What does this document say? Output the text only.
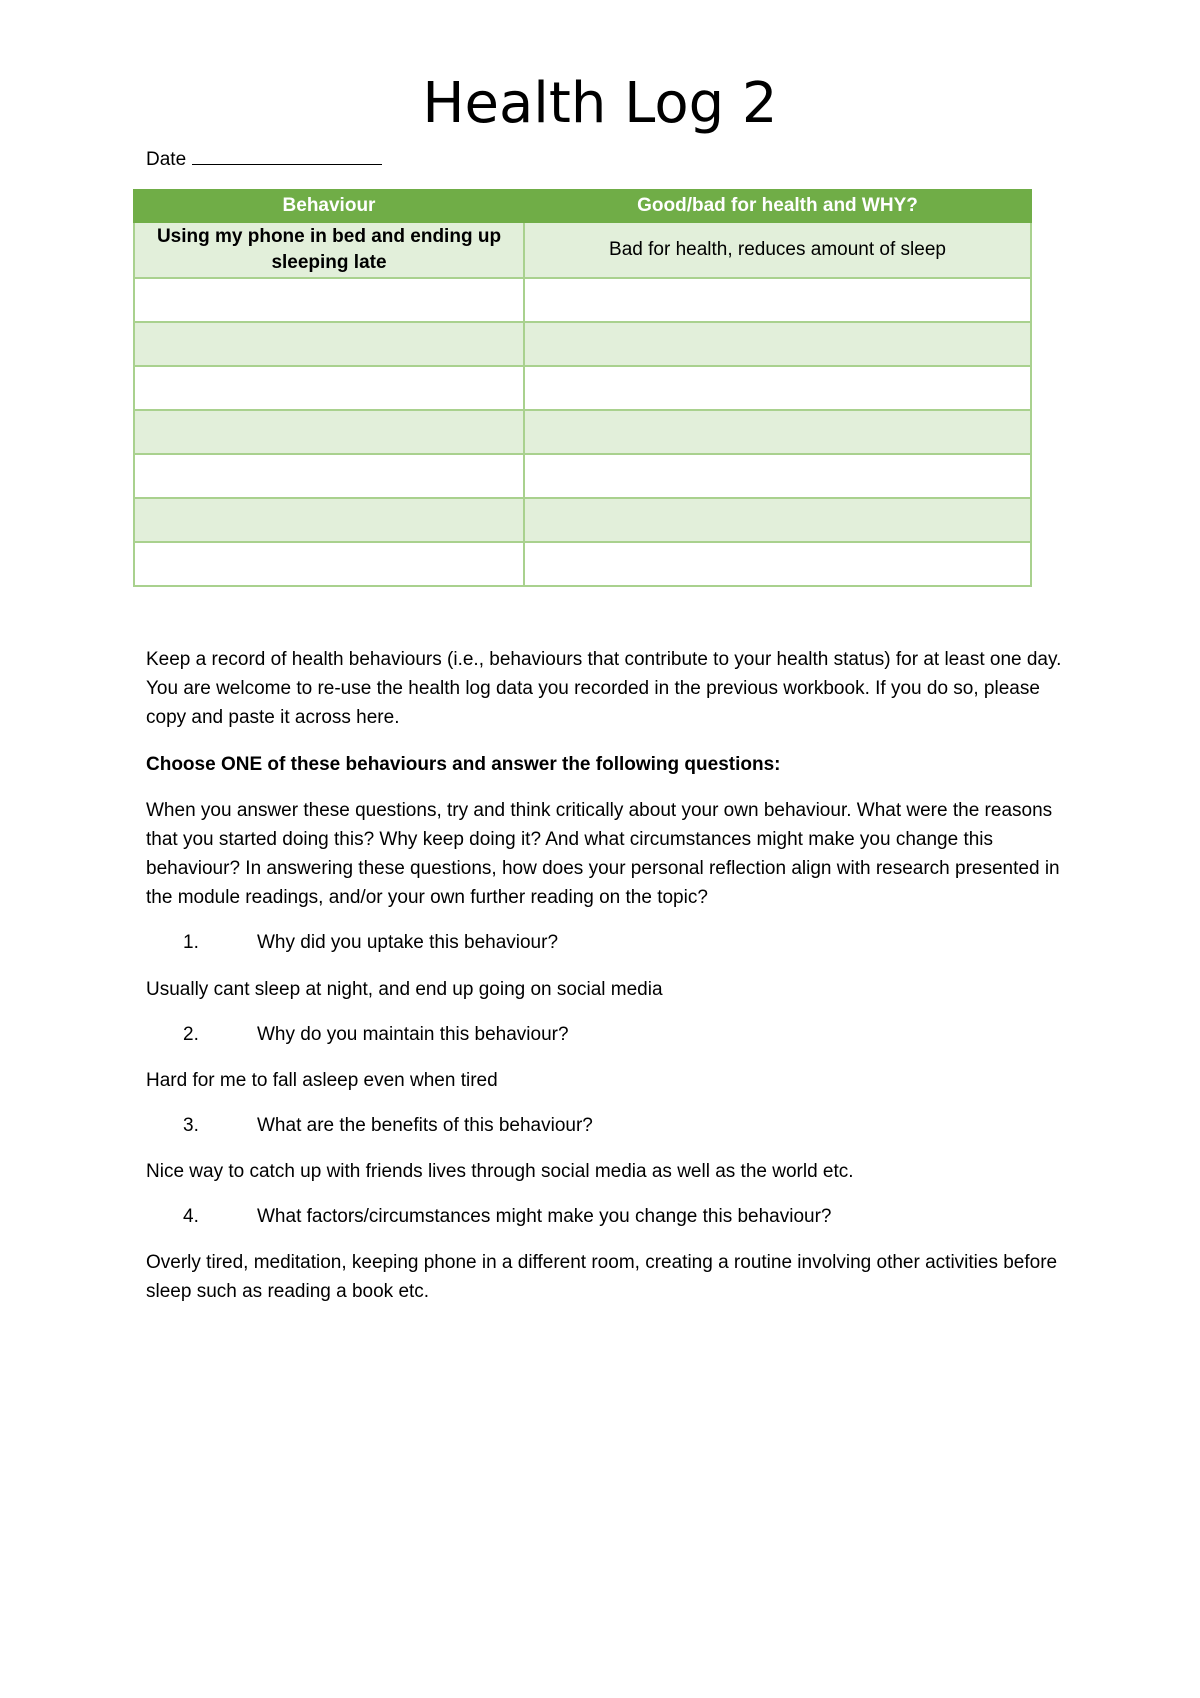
Health Log 2
Date
Behaviour	Good/bad for health and WHY?
Using my phone in bed and ending up sleeping late	Bad for health, reduces amount of sleep

Keep a record of health behaviours (i.e., behaviours that contribute to your health status) for at least one day. You are welcome to re-use the health log data you recorded in the previous workbook. If you do so, please copy and paste it across here.

Choose ONE of these behaviours and answer the following questions:

When you answer these questions, try and think critically about your own behaviour. What were the reasons that you started doing this? Why keep doing it? And what circumstances might make you change this behaviour? In answering these questions, how does your personal reflection align with research presented in the module readings, and/or your own further reading on the topic?

1.	Why did you uptake this behaviour?
Usually cant sleep at night, and end up going on social media
2.	Why do you maintain this behaviour?
Hard for me to fall asleep even when tired
3.	What are the benefits of this behaviour?
Nice way to catch up with friends lives through social media as well as the world etc.
4.	What factors/circumstances might make you change this behaviour?
Overly tired, meditation, keeping phone in a different room, creating a routine involving other activities before sleep such as reading a book etc.
